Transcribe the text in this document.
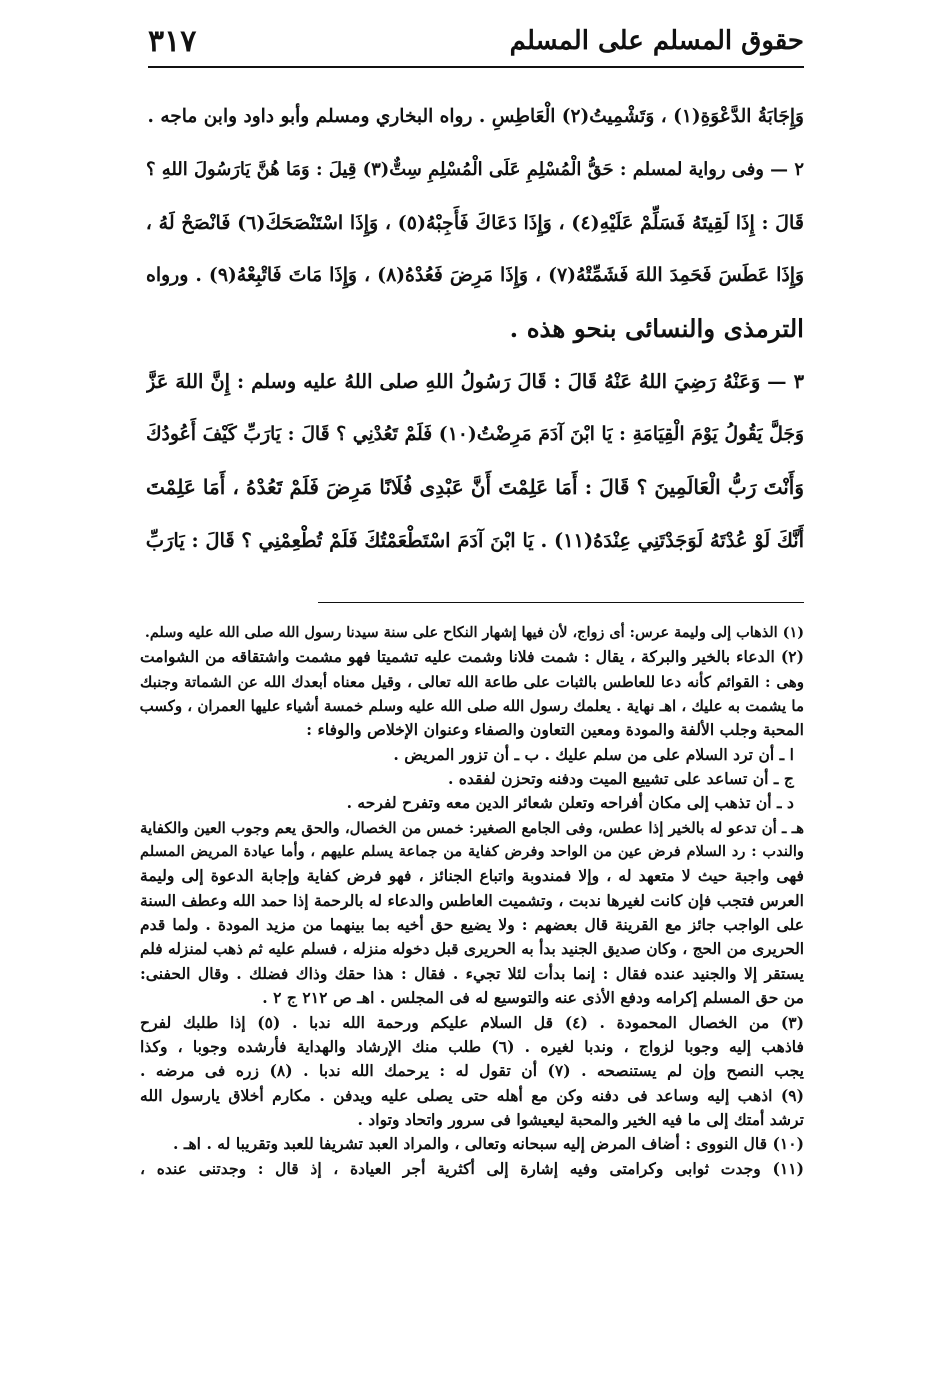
حقوق المسلم على المسلم
٣١٧
وَإِجَابَةُ الدَّعْوَةِ(١) ، وَتَشْمِيتُ(٢) الْعَاطِسِ . رواه البخاري ومسلم وأبو داود وابن ماجه .
٢ — وفى رواية لمسلم : حَقُّ الْمُسْلِمِ عَلَى الْمُسْلِمِ سِتٌّ(٣) قِيلَ : وَمَا هُنَّ يَارَسُولَ اللهِ ؟
قَالَ : إِذَا لَقِيتَهُ فَسَلِّمْ عَلَيْهِ(٤) ، وَإِذَا دَعَاكَ فَأَجِبْهُ(٥) ، وَإِذَا اسْتَنْصَحَكَ(٦) فَانْصَحْ لَهُ ،
وَإِذَا عَطَسَ فَحَمِدَ اللهَ فَشَمِّتْهُ(٧) ، وَإِذَا مَرِضَ فَعُدْهُ(٨) ، وَإِذَا مَاتَ فَاتْبِعْهُ(٩) . ورواه
الترمذى والنسائى بنحو هذه .
٣ — وَعَنْهُ رَضِيَ اللهُ عَنْهُ قَالَ : قَالَ رَسُولُ اللهِ صلى اللهُ عليه وسلم : إِنَّ اللهَ عَزَّ
وَجَلَّ يَقُولُ يَوْمَ الْقِيَامَةِ : يَا ابْنَ آدَمَ مَرِضْتُ(١٠) فَلَمْ تَعُدْنِي ؟ قَالَ : يَارَبِّ كَيْفَ أَعُودُكَ
وَأَنْتَ رَبُّ الْعَالَمِينَ ؟ قَالَ : أَمَا عَلِمْتَ أَنَّ عَبْدِى فُلَانًا مَرِضَ فَلَمْ تَعُدْهُ ، أَمَا عَلِمْتَ
أَنَّكَ لَوْ عُدْتَهُ لَوَجَدْتَنِي عِنْدَهُ(١١) . يَا ابْنَ آدَمَ اسْتَطْعَمْتُكَ فَلَمْ تُطْعِمْنِي ؟ قَالَ : يَارَبِّ
(١) الذهاب إلى وليمة عرس: أى زواج، لأن فيها إشهار النكاح على سنة سيدنا رسول الله صلى الله عليه وسلم.
(٢) الدعاء بالخير والبركة ، يقال : شمت فلانا وشمت عليه تشميتا فهو مشمت واشتقاقه من الشوامت
وهى : القوائم كأنه دعا للعاطس بالثبات على طاعة الله تعالى ، وقيل معناه أبعدك الله عن الشماتة وجنبك
ما يشمت به عليك ، اهـ نهاية . يعلمك رسول الله صلى الله عليه وسلم خمسة أشياء عليها العمران ، وكسب
المحبة وجلب الألفة والمودة ومعين التعاون والصفاء وعنوان الإخلاص والوفاء :
ا ـ أن ترد السلام على من سلم عليك . ب ـ أن تزور المريض .
ج ـ أن تساعد على تشييع الميت ودفنه وتحزن لفقده .
د ـ أن تذهب إلى مكان أفراحه وتعلن شعائر الدين معه وتفرح لفرحه .
هـ ـ أن تدعو له بالخير إذا عطس، وفى الجامع الصغير: خمس من الخصال، والحق يعم وجوب العين والكفاية
والندب : رد السلام فرض عين من الواحد وفرض كفاية من جماعة يسلم عليهم ، وأما عيادة المريض المسلم
فهى واجبة حيث لا متعهد له ، وإلا فمندوبة واتباع الجنائز ، فهو فرض كفاية وإجابة الدعوة إلى وليمة
العرس فتجب فإن كانت لغيرها ندبت ، وتشميت العاطس والدعاء له بالرحمة إذا حمد الله وعطف السنة
على الواجب جائز مع القرينة قال بعضهم : ولا يضيع حق أخيه بما بينهما من مزيد المودة . ولما قدم
الحريرى من الحج ، وكان صديق الجنيد بدأ به الحريرى قبل دخوله منزله ، فسلم عليه ثم ذهب لمنزله فلم
يستقر إلا والجنيد عنده فقال : إنما بدأت لئلا تجيء . فقال : هذا حقك وذاك فضلك . وقال الحفنى:
من حق المسلم إكرامه ودفع الأذى عنه والتوسيع له فى المجلس . اهـ ص ٢١٢ ج ٢ .
(٣) من الخصال المحمودة . (٤) قل السلام عليكم ورحمة الله ندبا . (٥) إذا طلبك لفرح
فاذهب إليه وجوبا لزواج ، وندبا لغيره . (٦) طلب منك الإرشاد والهداية فأرشده وجوبا ، وكذا
يجب النصح وإن لم يستنصحه . (٧) أن تقول له : يرحمك الله ندبا . (٨) زره فى مرضه .
(٩) اذهب إليه وساعد فى دفنه وكن مع أهله حتى يصلى عليه ويدفن . مكارم أخلاق يارسول الله
ترشد أمتك إلى ما فيه الخير والمحبة ليعيشوا فى سرور واتحاد وتواد .
(١٠) قال النووى : أضاف المرض إليه سبحانه وتعالى ، والمراد العبد تشريفا للعبد وتقريبا له . اهـ .
(١١) وجدت ثوابى وكرامتى وفيه إشارة إلى أكثرية أجر العيادة ، إذ قال : وجدتنى عنده ،
